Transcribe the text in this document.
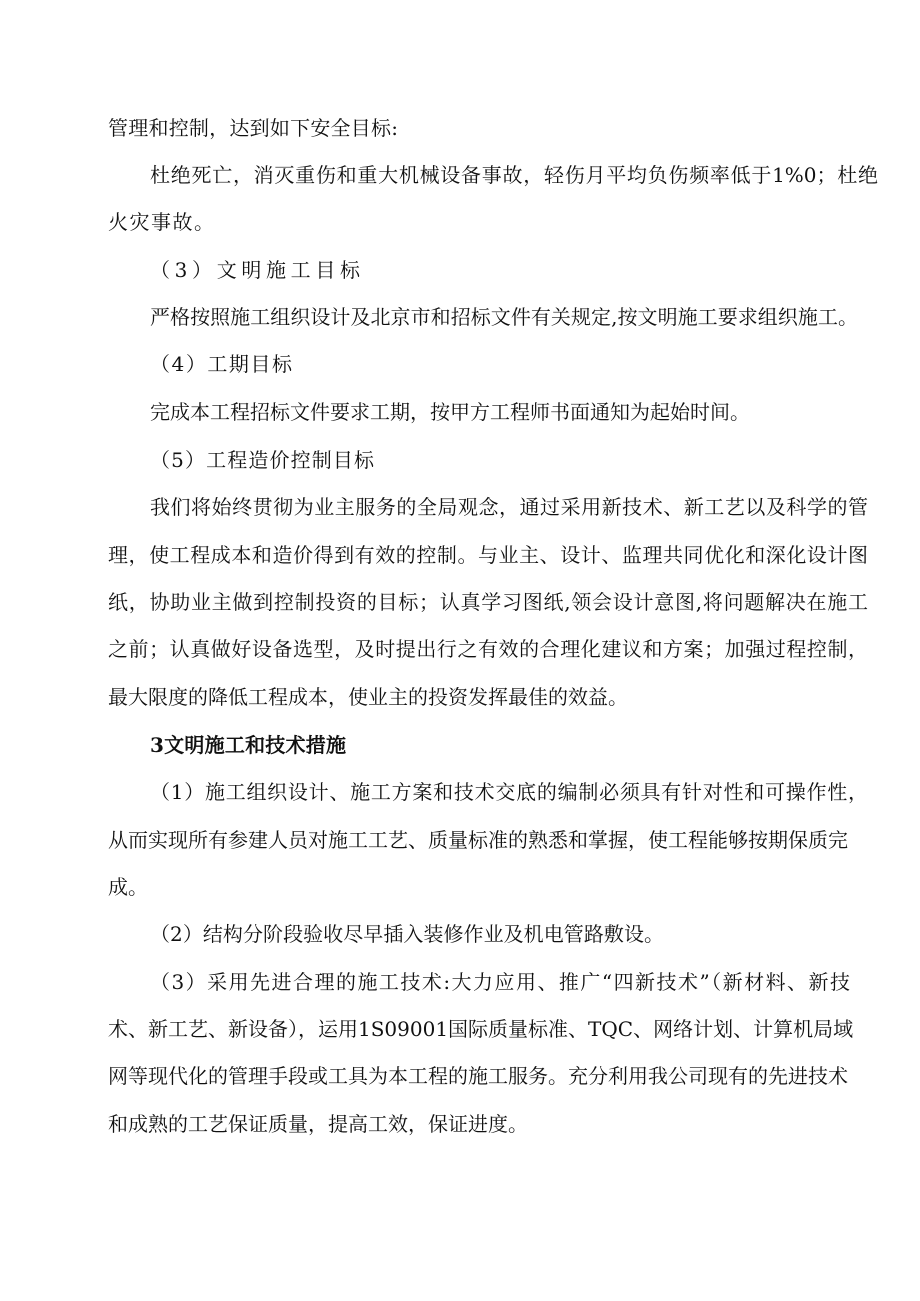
管理和控制，达到如下安全目标:
杜绝死亡，消灭重伤和重大机械设备事故，轻伤月平均负伤频率低于1%0；杜绝
火灾事故。
（3）文明施工目标
严格按照施工组织设计及北京市和招标文件有关规定,按文明施工要求组织施工。
（4）工期目标
完成本工程招标文件要求工期，按甲方工程师书面通知为起始时间。
（5）工程造价控制目标
我们将始终贯彻为业主服务的全局观念，通过采用新技术、新工艺以及科学的管
理，使工程成本和造价得到有效的控制。与业主、设计、监理共同优化和深化设计图
纸，协助业主做到控制投资的目标；认真学习图纸,领会设计意图,将问题解决在施工
之前；认真做好设备选型，及时提出行之有效的合理化建议和方案；加强过程控制，
最大限度的降低工程成本，使业主的投资发挥最佳的效益。
3文明施工和技术措施
（1）施工组织设计、施工方案和技术交底的编制必须具有针对性和可操作性，
从而实现所有参建人员对施工工艺、质量标准的熟悉和掌握，使工程能够按期保质完
成。
（2）结构分阶段验收尽早插入装修作业及机电管路敷设。
（3）采用先进合理的施工技术:大力应用、推广“四新技术”（新材料、新技
术、新工艺、新设备），运用1S09001国际质量标准、TQC、网络计划、计算机局域
网等现代化的管理手段或工具为本工程的施工服务。充分利用我公司现有的先进技术
和成熟的工艺保证质量，提高工效，保证进度。
